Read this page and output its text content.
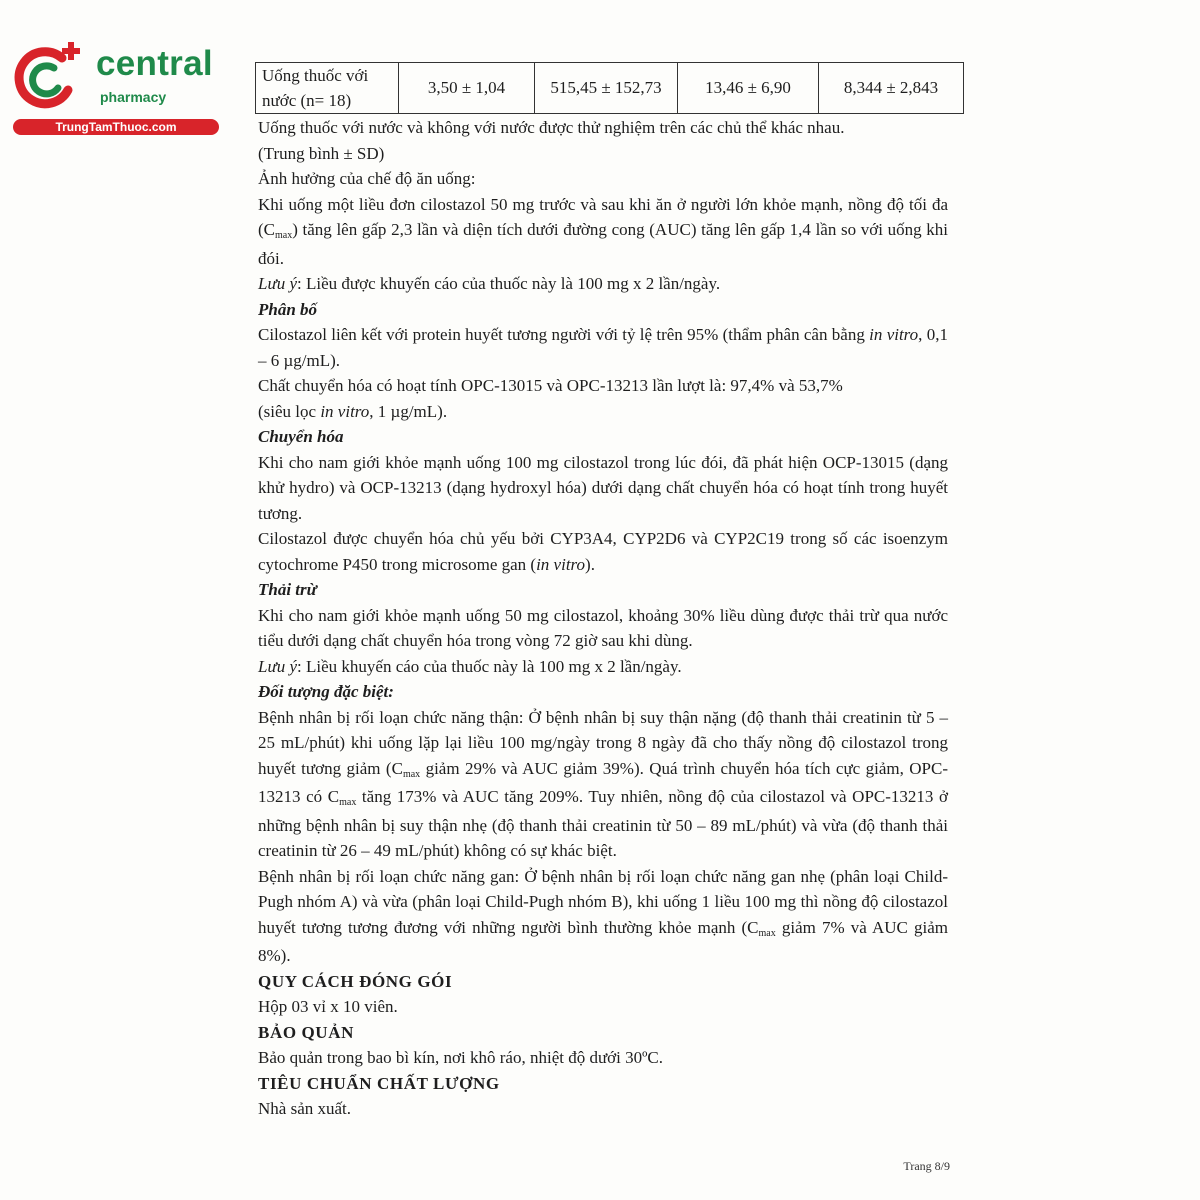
central
pharmacy
TrungTamThuoc.com
Uống thuốc với
nước (n= 18)	3,50 ± 1,04	515,45 ± 152,73	13,46 ± 6,90	8,344 ± 2,843

Uống thuốc với nước và không với nước được thử nghiệm trên các chủ thể khác nhau.

(Trung bình ± SD)

Ảnh hưởng của chế độ ăn uống:

Khi uống một liều đơn cilostazol 50 mg trước và sau khi ăn ở người lớn khỏe mạnh, nồng độ tối đa (Cmax) tăng lên gấp 2,3 lần và diện tích dưới đường cong (AUC) tăng lên gấp 1,4 lần so với uống khi đói.

Lưu ý: Liều được khuyến cáo của thuốc này là 100 mg x 2 lần/ngày.

Phân bố

Cilostazol liên kết với protein huyết tương người với tỷ lệ trên 95% (thẩm phân cân bằng in vitro, 0,1 – 6 µg/mL).

Chất chuyển hóa có hoạt tính OPC-13015 và OPC-13213 lần lượt là: 97,4% và 53,7%

(siêu lọc in vitro, 1 µg/mL).

Chuyển hóa

Khi cho nam giới khỏe mạnh uống 100 mg cilostazol trong lúc đói, đã phát hiện OCP-13015 (dạng khử hydro) và OCP-13213 (dạng hydroxyl hóa) dưới dạng chất chuyển hóa có hoạt tính trong huyết tương.

Cilostazol được chuyển hóa chủ yếu bởi CYP3A4, CYP2D6 và CYP2C19 trong số các isoenzym cytochrome P450 trong microsome gan (in vitro).

Thải trừ

Khi cho nam giới khỏe mạnh uống 50 mg cilostazol, khoảng 30% liều dùng được thải trừ qua nước tiểu dưới dạng chất chuyển hóa trong vòng 72 giờ sau khi dùng.

Lưu ý: Liều khuyến cáo của thuốc này là 100 mg x 2 lần/ngày.

Đối tượng đặc biệt:

Bệnh nhân bị rối loạn chức năng thận: Ở bệnh nhân bị suy thận nặng (độ thanh thải creatinin từ 5 – 25 mL/phút) khi uống lặp lại liều 100 mg/ngày trong 8 ngày đã cho thấy nồng độ cilostazol trong huyết tương giảm (Cmax giảm 29% và AUC giảm 39%). Quá trình chuyển hóa tích cực giảm, OPC-13213 có Cmax tăng 173% và AUC tăng 209%. Tuy nhiên, nồng độ của cilostazol và OPC-13213 ở những bệnh nhân bị suy thận nhẹ (độ thanh thải creatinin từ 50 – 89 mL/phút) và vừa (độ thanh thải creatinin từ 26 – 49 mL/phút) không có sự khác biệt.

Bệnh nhân bị rối loạn chức năng gan: Ở bệnh nhân bị rối loạn chức năng gan nhẹ (phân loại Child-Pugh nhóm A) và vừa (phân loại Child-Pugh nhóm B), khi uống 1 liều 100 mg thì nồng độ cilostazol huyết tương tương đương với những người bình thường khỏe mạnh (Cmax giảm 7% và AUC giảm 8%).

QUY CÁCH ĐÓNG GÓI

Hộp 03 vỉ x 10 viên.

BẢO QUẢN

Bảo quản trong bao bì kín, nơi khô ráo, nhiệt độ dưới 30ºC.

TIÊU CHUẨN CHẤT LƯỢNG

Nhà sản xuất.

Trang 8/9
